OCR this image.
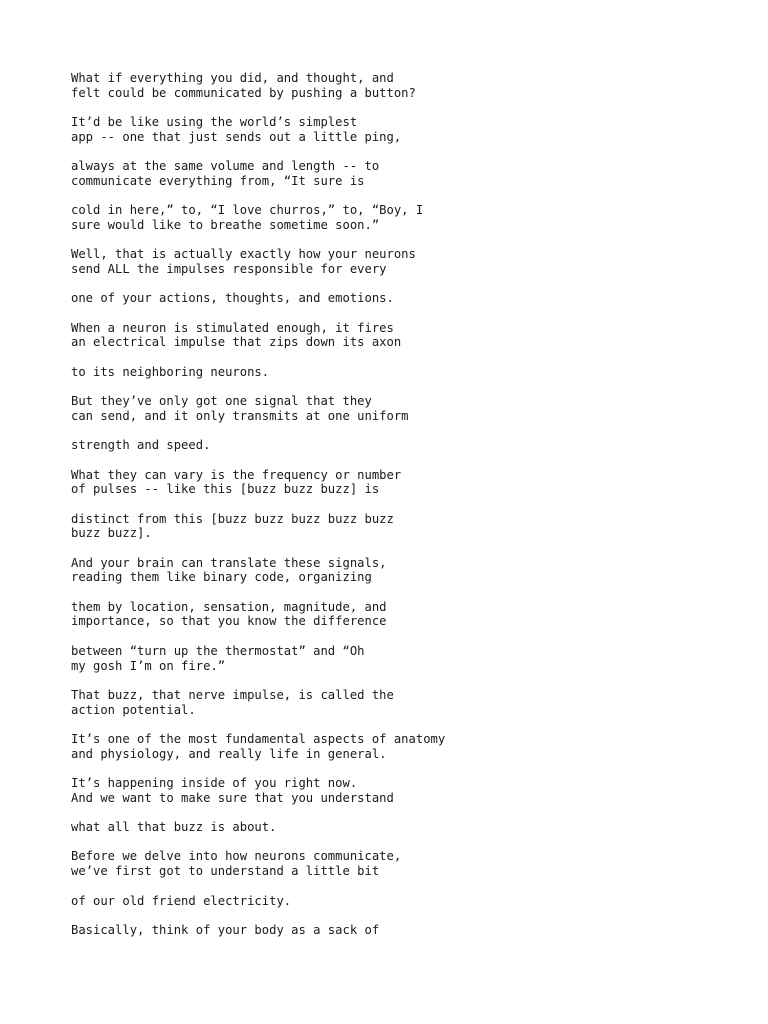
What if everything you did, and thought, and
felt could be communicated by pushing a button?
It’d be like using the world’s simplest
app -- one that just sends out a little ping,
always at the same volume and length -- to
communicate everything from, “It sure is
cold in here,” to, “I love churros,” to, “Boy, I
sure would like to breathe sometime soon.”
Well, that is actually exactly how your neurons
send ALL the impulses responsible for every
one of your actions, thoughts, and emotions.
When a neuron is stimulated enough, it fires
an electrical impulse that zips down its axon
to its neighboring neurons.
But they’ve only got one signal that they
can send, and it only transmits at one uniform
strength and speed.
What they can vary is the frequency or number
of pulses -- like this [buzz buzz buzz] is
distinct from this [buzz buzz buzz buzz buzz
buzz buzz].
And your brain can translate these signals,
reading them like binary code, organizing
them by location, sensation, magnitude, and
importance, so that you know the difference
between “turn up the thermostat” and “Oh
my gosh I’m on fire.”
That buzz, that nerve impulse, is called the
action potential.
It’s one of the most fundamental aspects of anatomy
and physiology, and really life in general.
It’s happening inside of you right now.
And we want to make sure that you understand
what all that buzz is about.
Before we delve into how neurons communicate,
we’ve first got to understand a little bit
of our old friend electricity.
Basically, think of your body as a sack of
